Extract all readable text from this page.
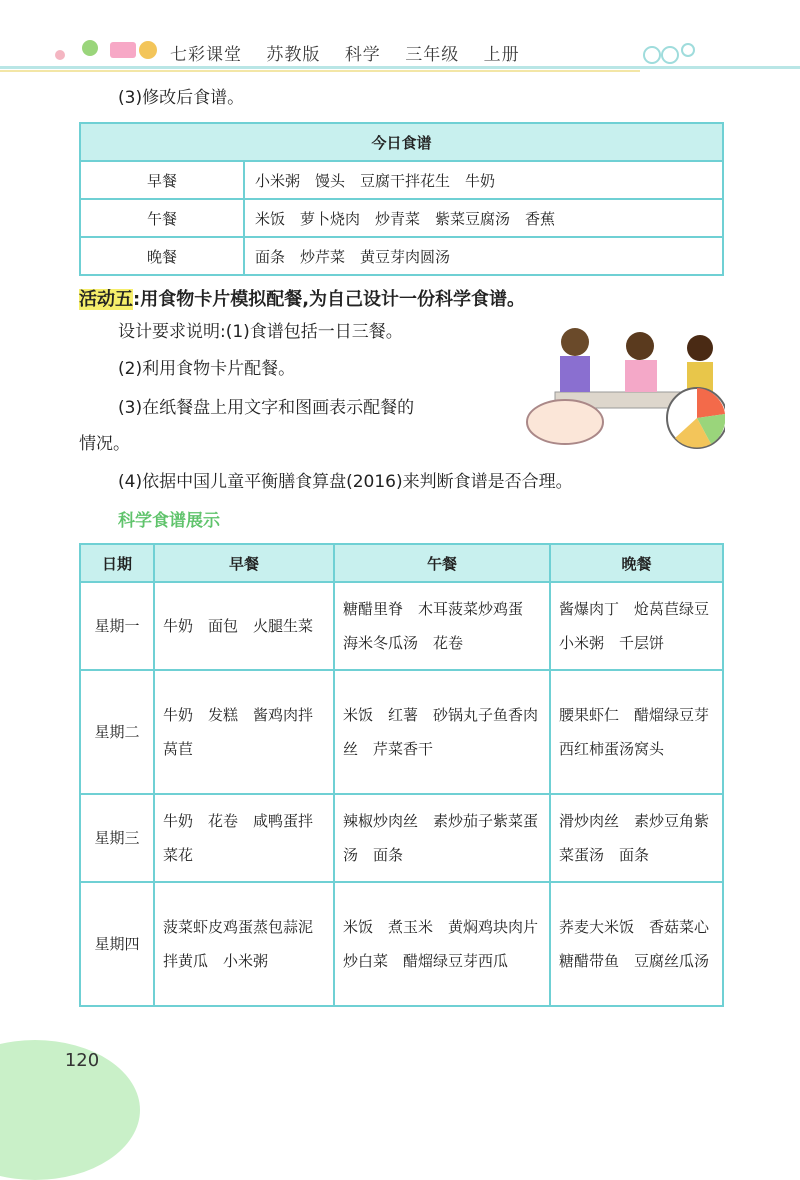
七彩课堂 苏教版 科学 三年级 上册
(3)修改后食谱。
今日食谱	
早餐	小米粥　馒头　豆腐干拌花生　牛奶
午餐	米饭　萝卜烧肉　炒青菜　紫菜豆腐汤　香蕉
晚餐	面条　炒芹菜　黄豆芽肉圆汤
活动五:用食物卡片模拟配餐,为自己设计一份科学食谱。
设计要求说明:(1)食谱包括一日三餐。
(2)利用食物卡片配餐。
(3)在纸餐盘上用文字和图画表示配餐的
情况。
(4)依据中国儿童平衡膳食算盘(2016)来判断食谱是否合理。
科学食谱展示
日期	早餐	午餐	晚餐
星期一	牛奶　面包　火腿生菜	糖醋里脊　木耳菠菜炒鸡蛋　海米冬瓜汤　花卷	酱爆肉丁　炝莴苣绿豆小米粥　千层饼
星期二	牛奶　发糕　酱鸡肉拌莴苣	米饭　红薯　砂锅丸子鱼香肉丝　芹菜香干	腰果虾仁　醋熘绿豆芽　西红柿蛋汤窝头
星期三	牛奶　花卷　咸鸭蛋拌菜花	辣椒炒肉丝　素炒茄子紫菜蛋汤　面条	滑炒肉丝　素炒豆角紫菜蛋汤　面条
星期四	菠菜虾皮鸡蛋蒸包蒜泥拌黄瓜　小米粥	米饭　煮玉米　黄焖鸡块肉片炒白菜　醋熘绿豆芽西瓜	荞麦大米饭　香菇菜心　糖醋带鱼　豆腐丝瓜汤
120
